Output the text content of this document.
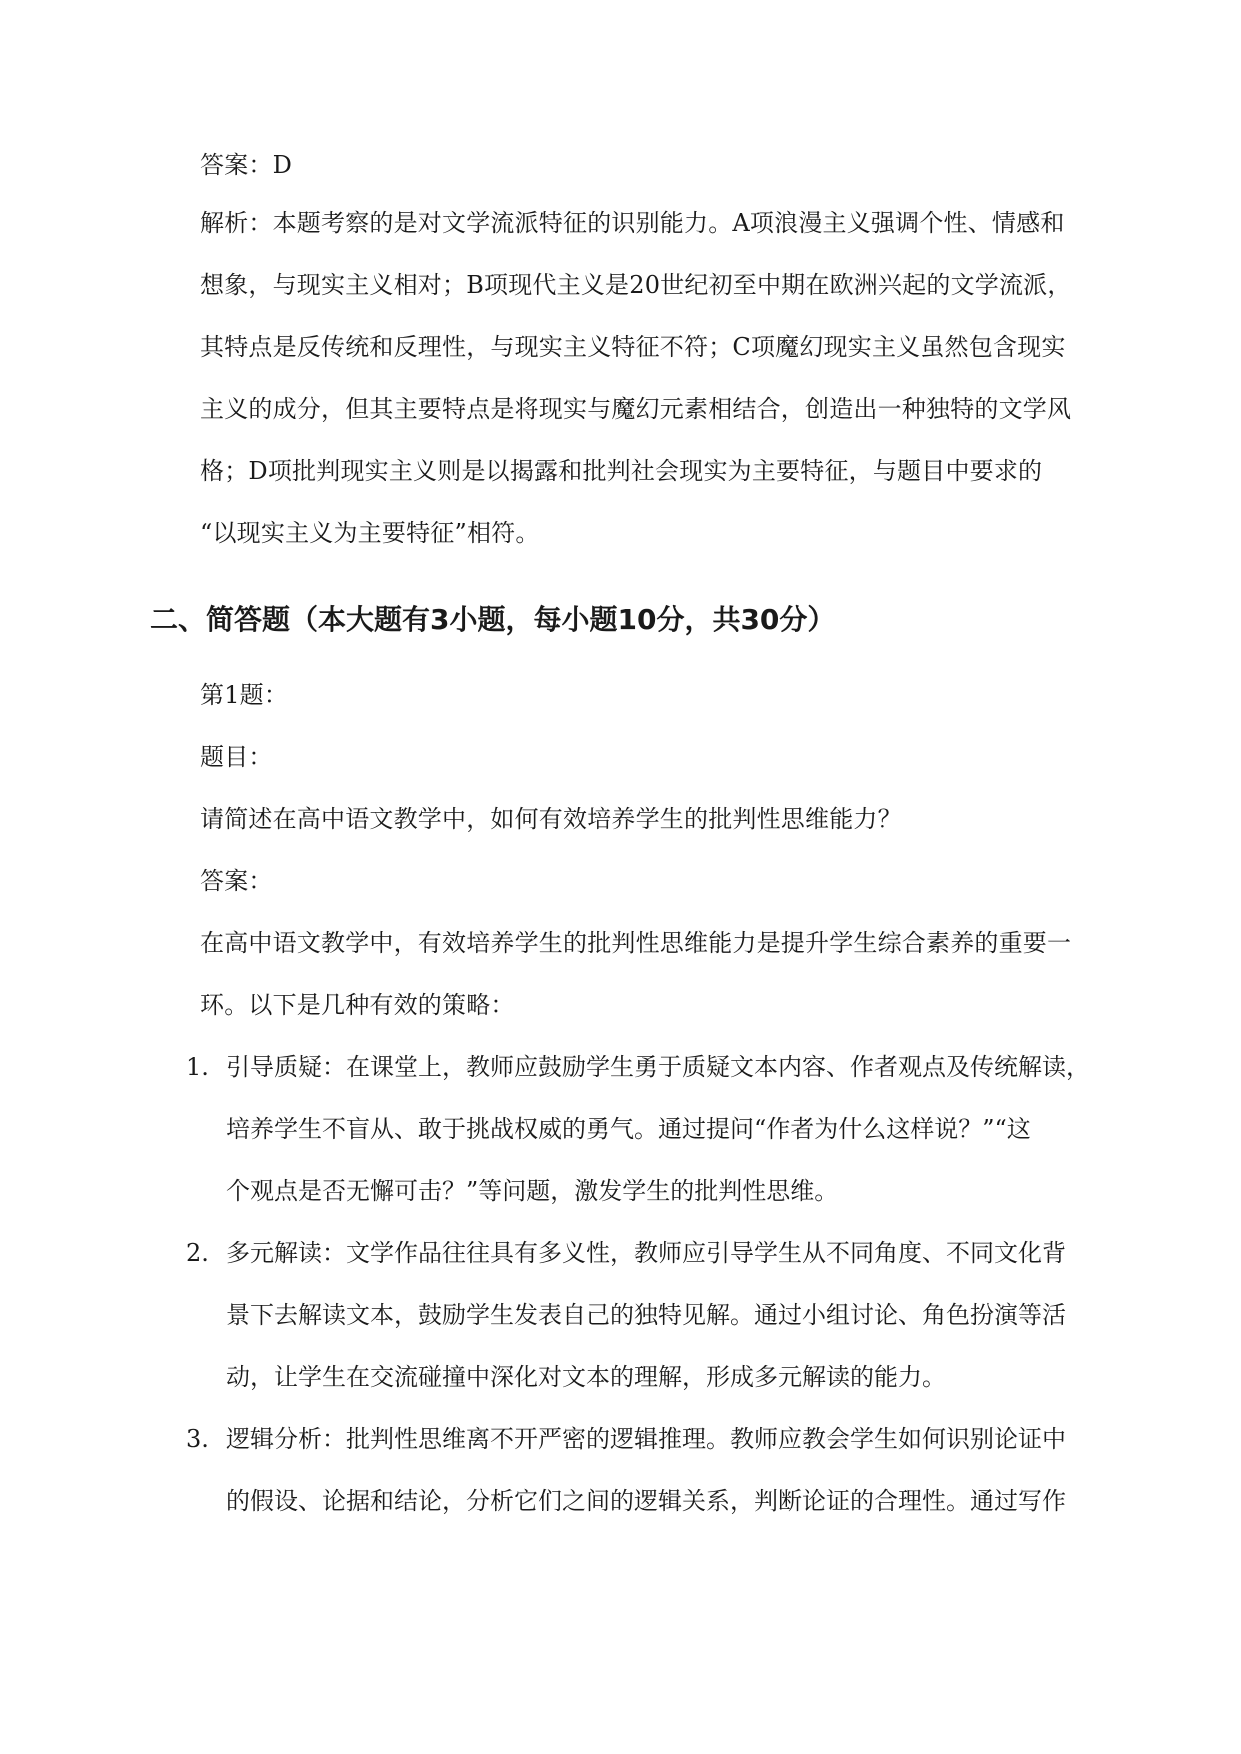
答案：D
解析：本题考察的是对文学流派特征的识别能力。A项浪漫主义强调个性、情感和
想象，与现实主义相对；B项现代主义是20世纪初至中期在欧洲兴起的文学流派，
其特点是反传统和反理性，与现实主义特征不符；C项魔幻现实主义虽然包含现实
主义的成分，但其主要特点是将现实与魔幻元素相结合，创造出一种独特的文学风
格；D项批判现实主义则是以揭露和批判社会现实为主要特征，与题目中要求的
“以现实主义为主要特征”相符。
二、简答题（本大题有3小题，每小题10分，共30分）
第1题：
题目：
请简述在高中语文教学中，如何有效培养学生的批判性思维能力？
答案：
在高中语文教学中，有效培养学生的批判性思维能力是提升学生综合素养的重要一
环。以下是几种有效的策略：
1. 引导质疑：在课堂上，教师应鼓励学生勇于质疑文本内容、作者观点及传统解读，
培养学生不盲从、敢于挑战权威的勇气。通过提问“作者为什么这样说？”“这
个观点是否无懈可击？”等问题，激发学生的批判性思维。
2. 多元解读：文学作品往往具有多义性，教师应引导学生从不同角度、不同文化背
景下去解读文本，鼓励学生发表自己的独特见解。通过小组讨论、角色扮演等活
动，让学生在交流碰撞中深化对文本的理解，形成多元解读的能力。
3. 逻辑分析：批判性思维离不开严密的逻辑推理。教师应教会学生如何识别论证中
的假设、论据和结论，分析它们之间的逻辑关系，判断论证的合理性。通过写作
